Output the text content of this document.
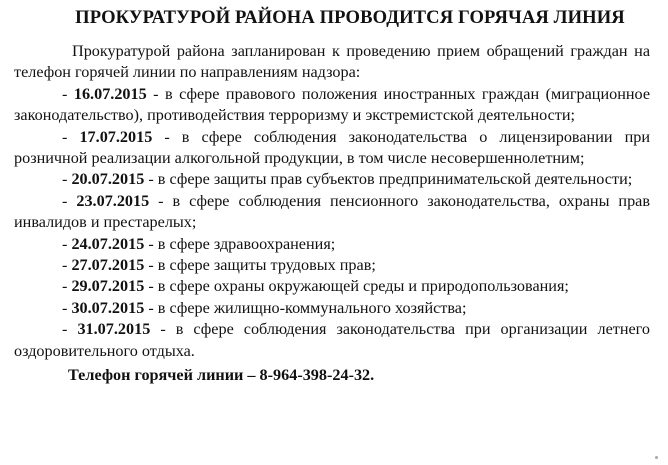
ПРОКУРАТУРОЙ РАЙОНА ПРОВОДИТСЯ ГОРЯЧАЯ ЛИНИЯ

Прокуратурой района запланирован к проведению прием обращений граждан на телефон горячей линии по направлениям надзора:

- 16.07.2015 - в сфере правового положения иностранных граждан (миграционное законодательство), противодействия терроризму и экстремистской деятельности;

- 17.07.2015 - в сфере соблюдения законодательства о лицензировании при розничной реализации алкогольной продукции, в том числе несовершеннолетним;

- 20.07.2015 - в сфере защиты прав субъектов предпринимательской деятельности;

- 23.07.2015 - в сфере соблюдения пенсионного законодательства, охраны прав инвалидов и престарелых;

- 24.07.2015 - в сфере здравоохранения;

- 27.07.2015 - в сфере защиты трудовых прав;

- 29.07.2015 - в сфере охраны окружающей среды и природопользования;

- 30.07.2015 - в сфере жилищно-коммунального хозяйства;

- 31.07.2015 - в сфере соблюдения законодательства при организации летнего оздоровительного отдыха.

Телефон горячей линии – 8-964-398-24-32.
